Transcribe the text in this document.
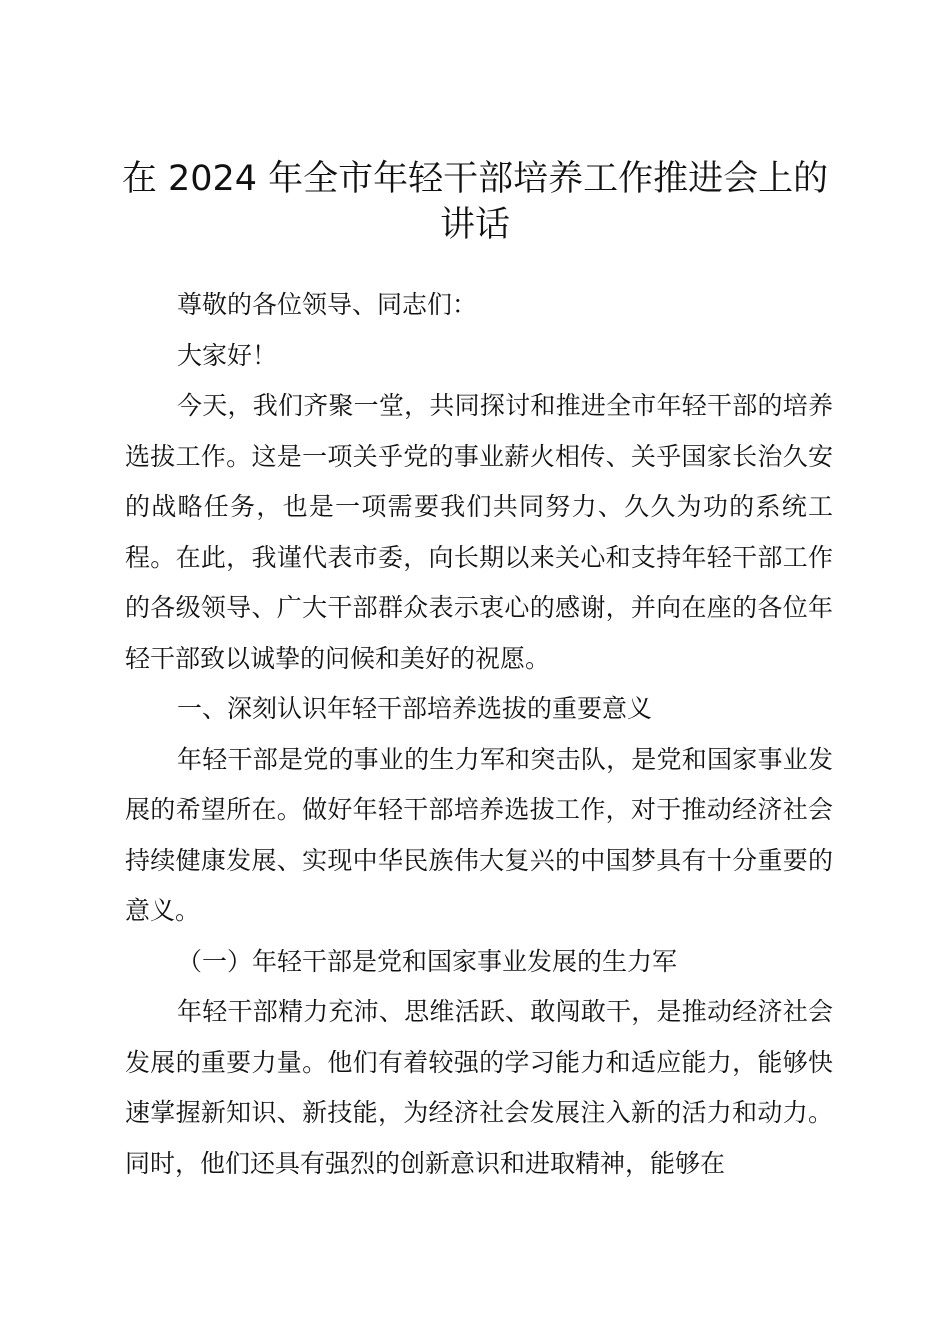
在 2024 年全市年轻干部培养工作推进会上的讲话

尊敬的各位领导、同志们：

大家好！

今天，我们齐聚一堂，共同探讨和推进全市年轻干部的培养选拔工作。这是一项关乎党的事业薪火相传、关乎国家长治久安的战略任务，也是一项需要我们共同努力、久久为功的系统工程。在此，我谨代表市委，向长期以来关心和支持年轻干部工作的各级领导、广大干部群众表示衷心的感谢，并向在座的各位年轻干部致以诚挚的问候和美好的祝愿。

一、深刻认识年轻干部培养选拔的重要意义

年轻干部是党的事业的生力军和突击队，是党和国家事业发展的希望所在。做好年轻干部培养选拔工作，对于推动经济社会持续健康发展、实现中华民族伟大复兴的中国梦具有十分重要的意义。

（一）年轻干部是党和国家事业发展的生力军

年轻干部精力充沛、思维活跃、敢闯敢干，是推动经济社会发展的重要力量。他们有着较强的学习能力和适应能力，能够快速掌握新知识、新技能，为经济社会发展注入新的活力和动力。同时，他们还具有强烈的创新意识和进取精神，能够在
